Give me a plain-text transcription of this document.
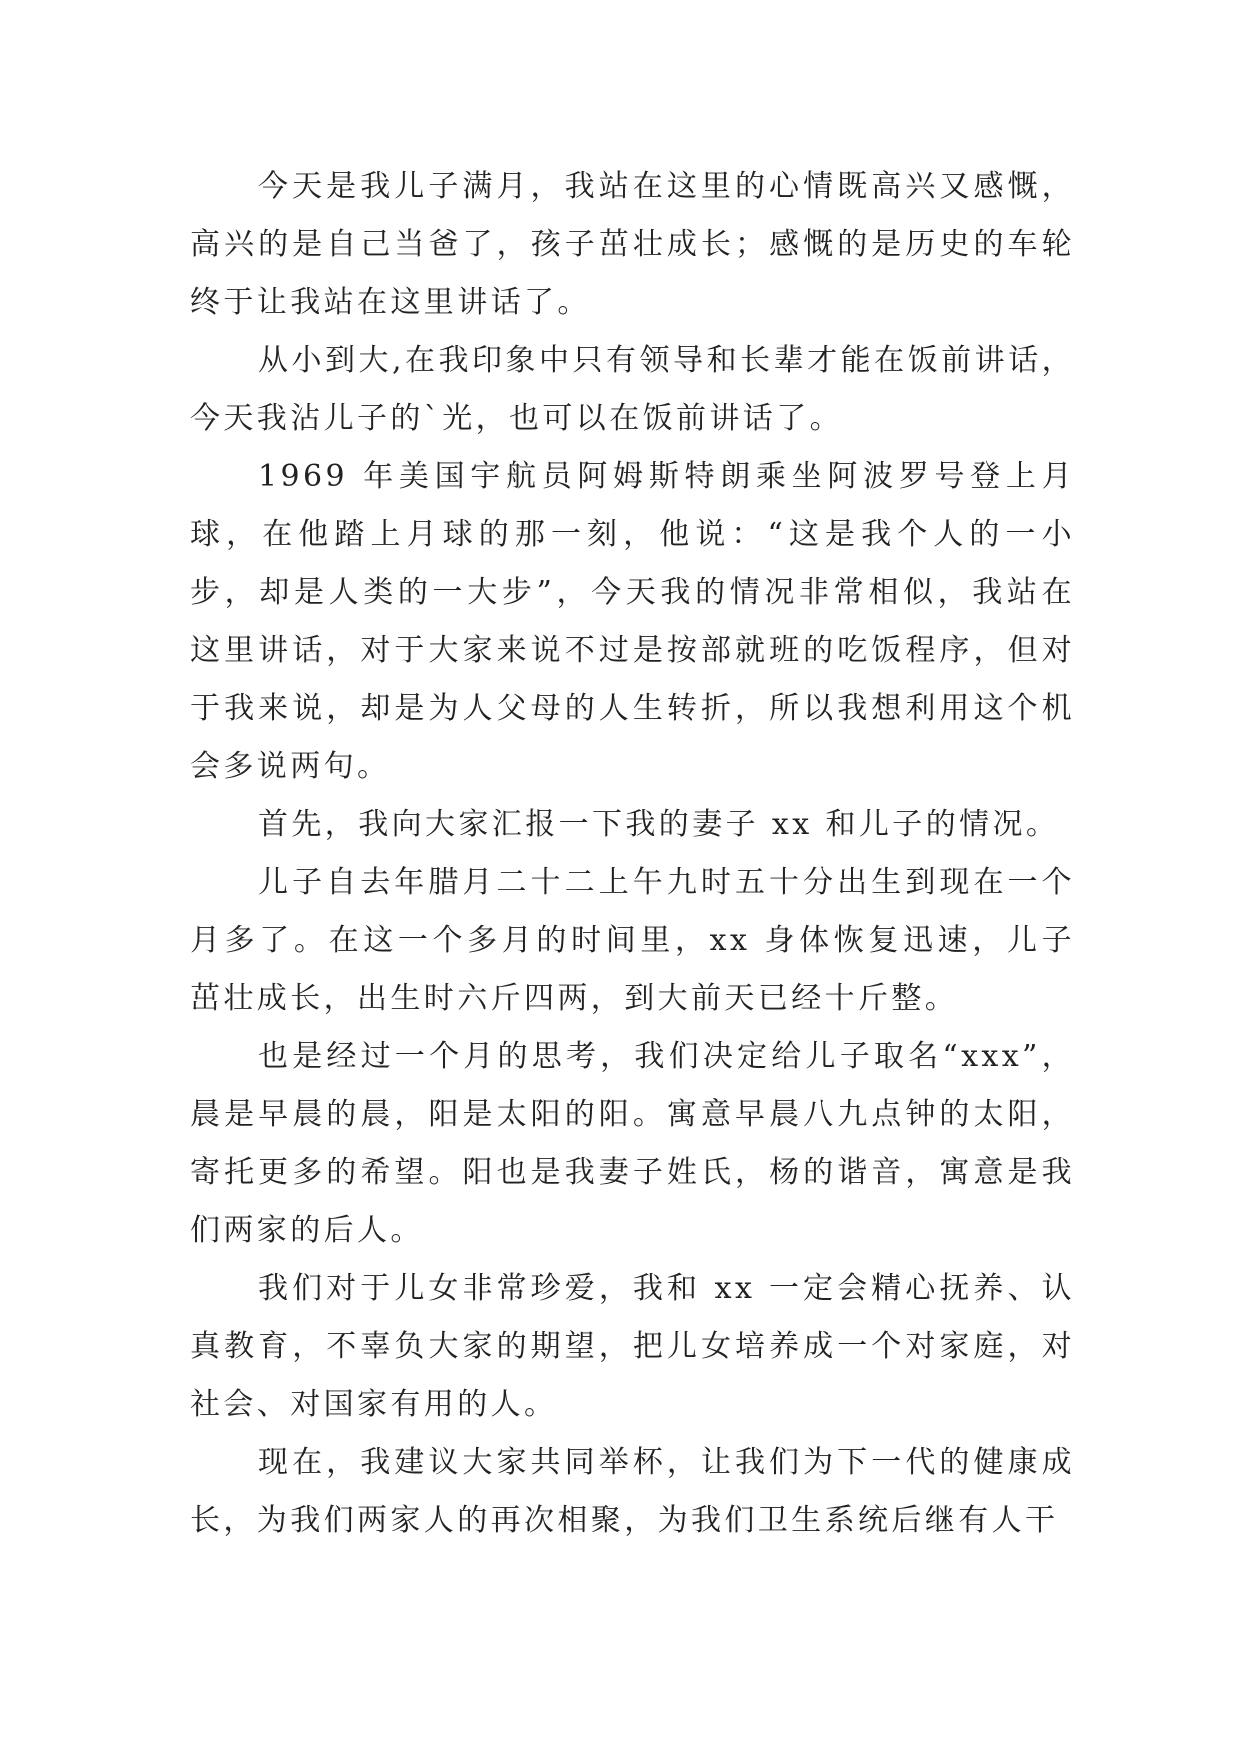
今天是我儿子满月，我站在这里的心情既高兴又感慨，高兴的是自己当爸了，孩子茁壮成长；感慨的是历史的车轮终于让我站在这里讲话了。

从小到大,在我印象中只有领导和长辈才能在饭前讲话，今天我沾儿子的`光，也可以在饭前讲话了。

1969 年美国宇航员阿姆斯特朗乘坐阿波罗号登上月球，在他踏上月球的那一刻，他说：“这是我个人的一小步，却是人类的一大步”，今天我的情况非常相似，我站在这里讲话，对于大家来说不过是按部就班的吃饭程序，但对于我来说，却是为人父母的人生转折，所以我想利用这个机会多说两句。

首先，我向大家汇报一下我的妻子 xx 和儿子的情况。

儿子自去年腊月二十二上午九时五十分出生到现在一个月多了。在这一个多月的时间里，xx 身体恢复迅速，儿子茁壮成长，出生时六斤四两，到大前天已经十斤整。

也是经过一个月的思考，我们决定给儿子取名“xxx”，晨是早晨的晨，阳是太阳的阳。寓意早晨八九点钟的太阳，寄托更多的希望。阳也是我妻子姓氏，杨的谐音，寓意是我们两家的后人。

我们对于儿女非常珍爱，我和 xx 一定会精心抚养、认真教育，不辜负大家的期望，把儿女培养成一个对家庭，对社会、对国家有用的人。

现在，我建议大家共同举杯，让我们为下一代的健康成长，为我们两家人的再次相聚，为我们卫生系统后继有人干
